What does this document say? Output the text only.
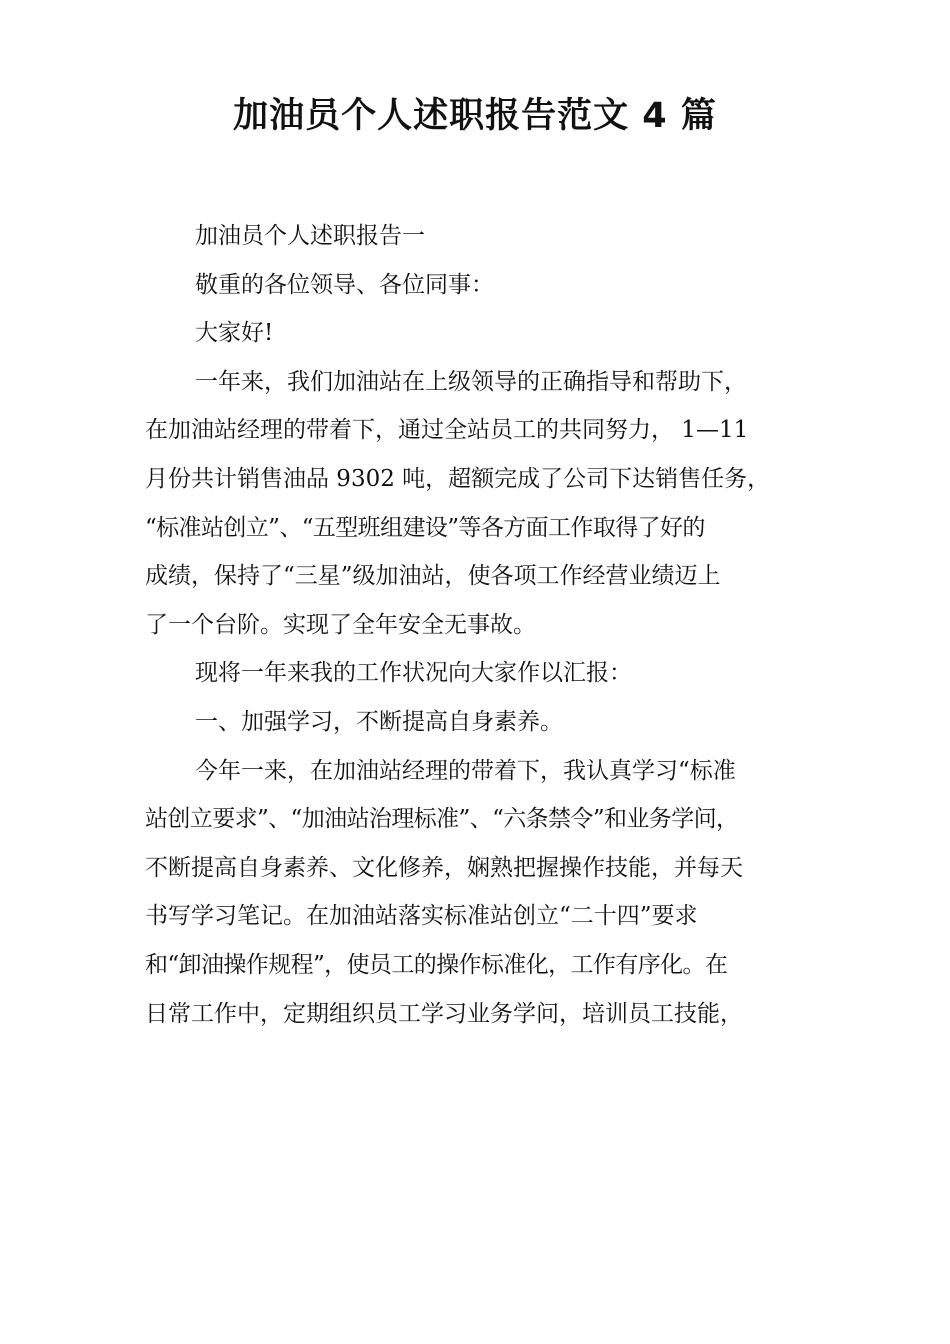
加油员个人述职报告范文 4 篇
加油员个人述职报告一
敬重的各位领导、各位同事：
大家好!
一年来，我们加油站在上级领导的正确指导和帮助下，
在加油站经理的带着下，通过全站员工的共同努力， 1—11
月份共计销售油品 9302 吨，超额完成了公司下达销售任务，
“标准站创立”、“五型班组建设”等各方面工作取得了好的
成绩，保持了“三星”级加油站，使各项工作经营业绩迈上
了一个台阶。实现了全年安全无事故。
现将一年来我的工作状况向大家作以汇报：
一、加强学习，不断提高自身素养。
今年一来，在加油站经理的带着下，我认真学习“标准
站创立要求”、“加油站治理标准”、“六条禁令”和业务学问，
不断提高自身素养、文化修养，娴熟把握操作技能，并每天
书写学习笔记。在加油站落实标准站创立“二十四”要求
和“卸油操作规程”，使员工的操作标准化，工作有序化。在
日常工作中，定期组织员工学习业务学问，培训员工技能，
